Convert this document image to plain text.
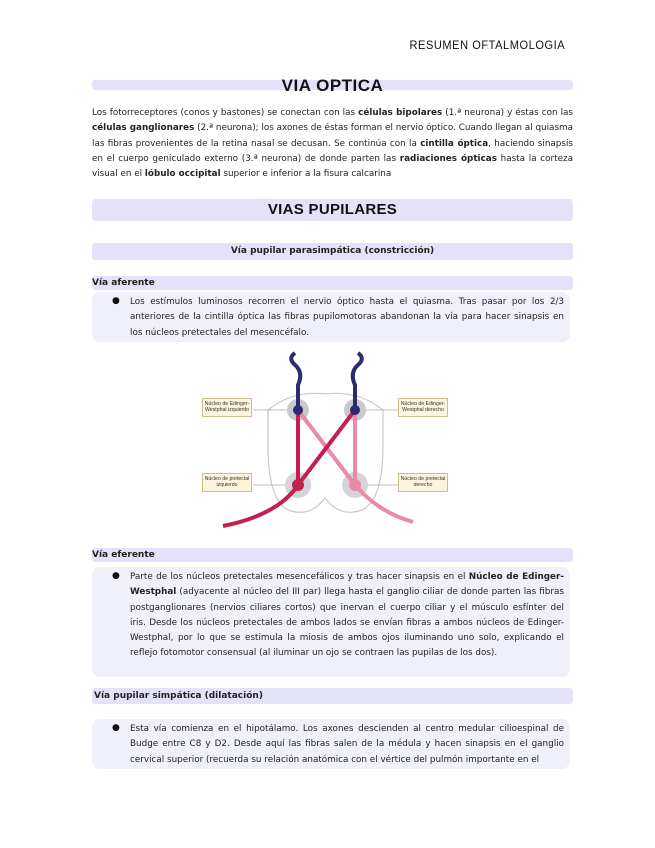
RESUMEN OFTALMOLOGIA
VIA OPTICA
Los fotorreceptores (conos y bastones) se conectan con las células bipolares (1.ª neurona) y éstas con las células ganglionares (2.ª neurona); los axones de éstas forman el nervio óptico. Cuando llegan al quiasma las fibras provenientes de la retina nasal se decusan. Se continúa con la cintilla óptica, haciendo sinapsis en el cuerpo geniculado externo (3.ª neurona) de donde parten las radiaciones ópticas hasta la corteza visual en el lóbulo occipital superior e inferior a la fisura calcarina
VIAS PUPILARES
Vía pupilar parasimpática (constricción)
Vía aferente
● Los estímulos luminosos recorren el nervio óptico hasta el quiasma. Tras pasar por los 2/3 anteriores de la cintilla óptica las fibras pupilomotoras abandonan la vía para hacer sinapsis en los núcleos pretectales del mesencéfalo.
Núcleo de Edinger-Westphal izquierdo
Núcleo de Edinger-Westphal derecho
Núcleo de pretectal izquierdo
Núcleo de pretectal derecho
Vía eferente
● Parte de los núcleos pretectales mesencefálicos y tras hacer sinapsis en el Núcleo de Edinger-Westphal (adyacente al núcleo del III par) llega hasta el ganglio ciliar de donde parten las fibras postganglionares (nervios ciliares cortos) que inervan el cuerpo ciliar y el músculo esfínter del iris. Desde los núcleos pretectales de ambos lados se envían fibras a ambos núcleos de Edinger-Westphal, por lo que se estimula la miosis de ambos ojos iluminando uno solo, explicando el reflejo fotomotor consensual (al iluminar un ojo se contraen las pupilas de los dos).
Vía pupilar simpática (dilatación)
● Esta vía comienza en el hipotálamo. Los axones descienden al centro medular cilioespinal de Budge entre C8 y D2. Desde aquí las fibras salen de la médula y hacen sinapsis en el ganglio cervical superior (recuerda su relación anatómica con el vértice del pulmón importante en el
